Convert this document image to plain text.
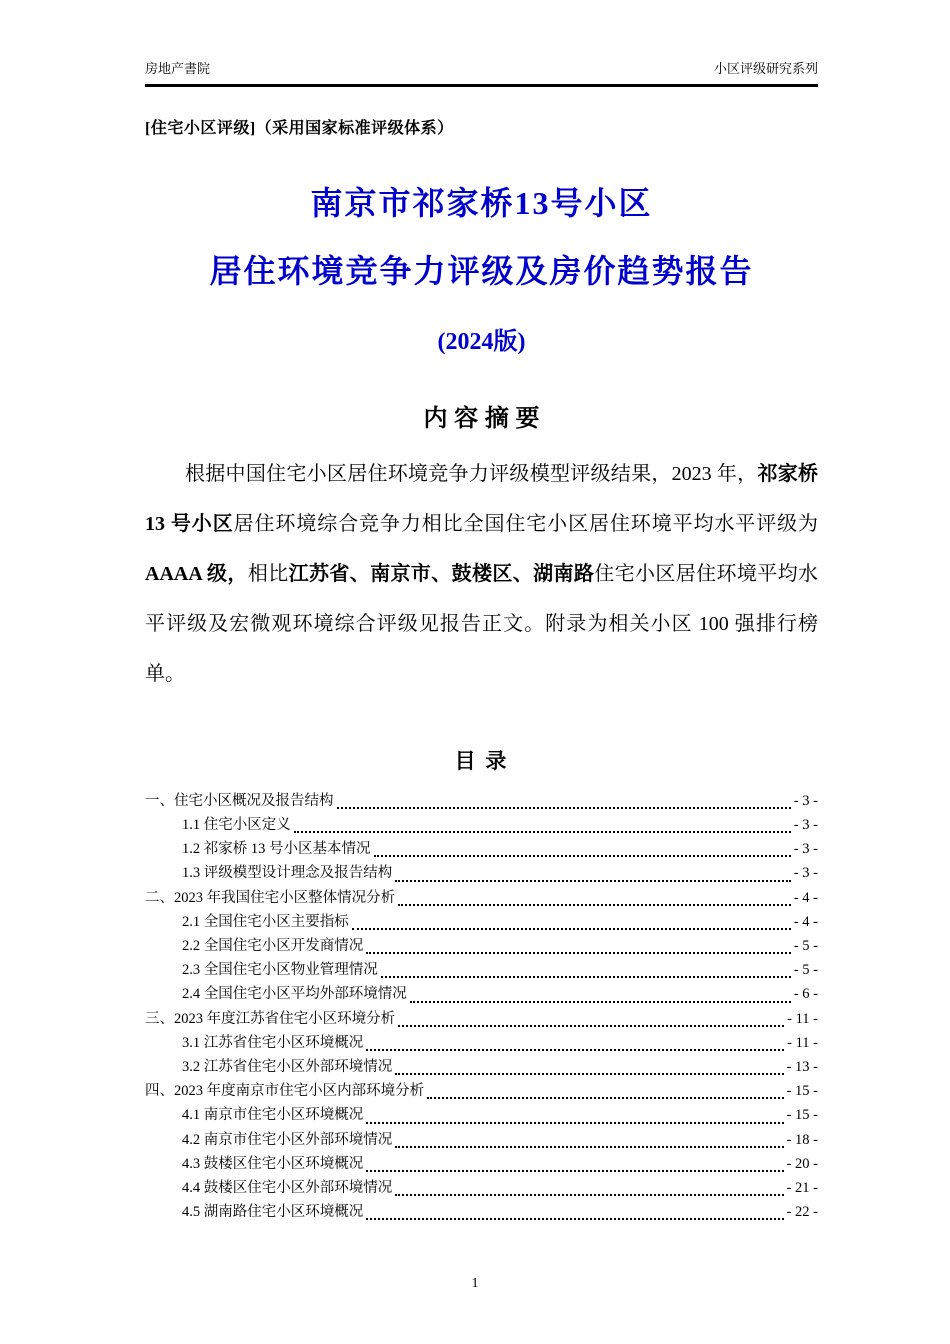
房地产書院	小区评级研究系列
[住宅小区评级]（采用国家标准评级体系）
南京市祁家桥13号小区
居住环境竞争力评级及房价趋势报告
(2024版)
内 容 摘 要

根据中国住宅小区居住环境竞争力评级模型评级结果，2023 年，祁家桥 13 号小区居住环境综合竞争力相比全国住宅小区居住环境平均水平评级为 AAAA 级，相比江苏省、南京市、鼓楼区、湖南路住宅小区居住环境平均水平评级及宏微观环境综合评级见报告正文。附录为相关小区 100 强排行榜单。

目 录
一、住宅小区概况及报告结构	- 3 -
1.1 住宅小区定义	- 3 -
1.2 祁家桥 13 号小区基本情况	- 3 -
1.3 评级模型设计理念及报告结构	- 3 -
二、2023 年我国住宅小区整体情况分析	- 4 -
2.1 全国住宅小区主要指标	- 4 -
2.2 全国住宅小区开发商情况	- 5 -
2.3 全国住宅小区物业管理情况	- 5 -
2.4 全国住宅小区平均外部环境情况	- 6 -
三、2023 年度江苏省住宅小区环境分析	- 11 -
3.1 江苏省住宅小区环境概况	- 11 -
3.2 江苏省住宅小区外部环境情况	- 13 -
四、2023 年度南京市住宅小区内部环境分析	- 15 -
4.1 南京市住宅小区环境概况	- 15 -
4.2 南京市住宅小区外部环境情况	- 18 -
4.3 鼓楼区住宅小区环境概况	- 20 -
4.4 鼓楼区住宅小区外部环境情况	- 21 -
4.5 湖南路住宅小区环境概况	- 22 -
1
